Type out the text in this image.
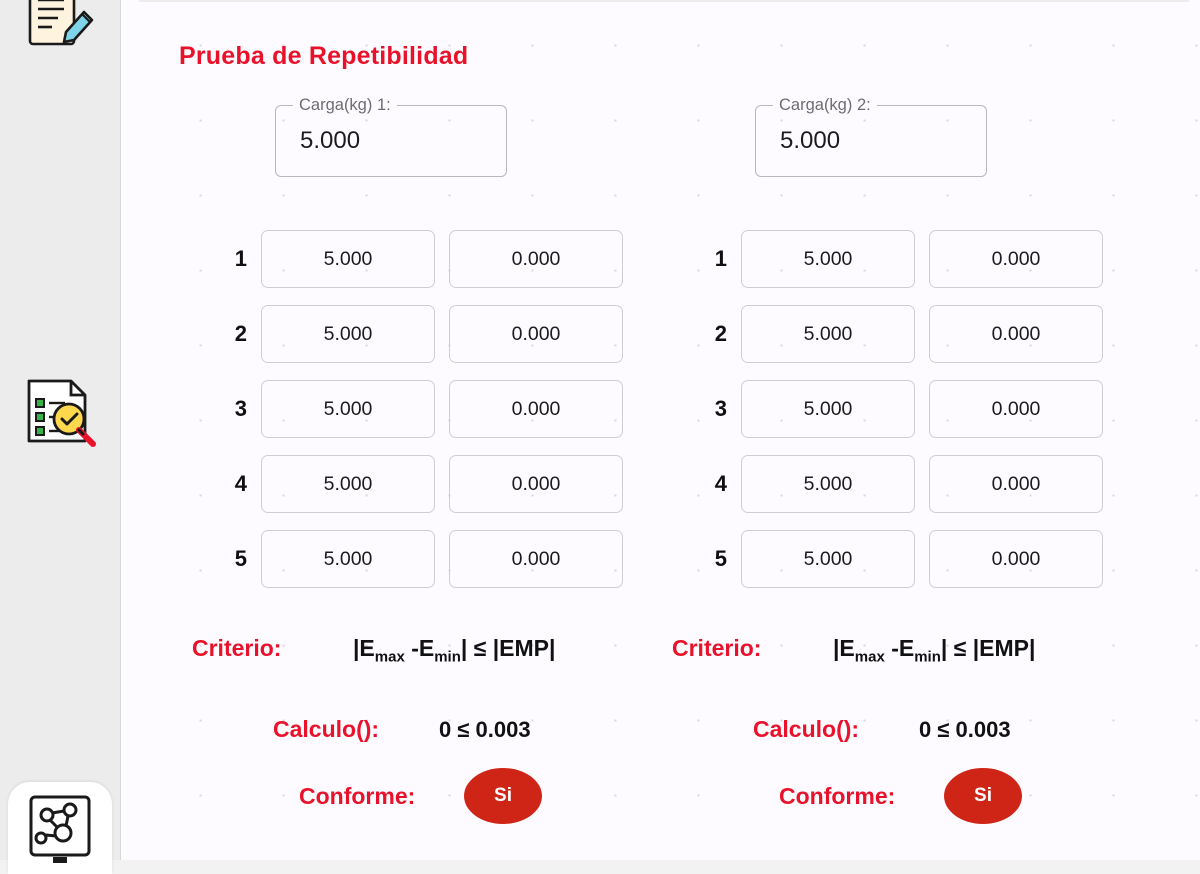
Prueba de Repetibilidad
Carga(kg) 1:
5.000
1	5.000	0.000
2	5.000	0.000
3	5.000	0.000
4	5.000	0.000
5	5.000	0.000
Criterio:	$|E_{max}$ $-E_{min}| \le |EMP|$
Calculo():	0 ≤ 0.003
Conforme:	Si
Carga(kg) 2:
5.000
1	5.000	0.000
2	5.000	0.000
3	5.000	0.000
4	5.000	0.000
5	5.000	0.000
Criterio:	$|E_{max}$ $-E_{min}| \le |EMP|$
Calculo():	0 ≤ 0.003
Conforme:	Si
